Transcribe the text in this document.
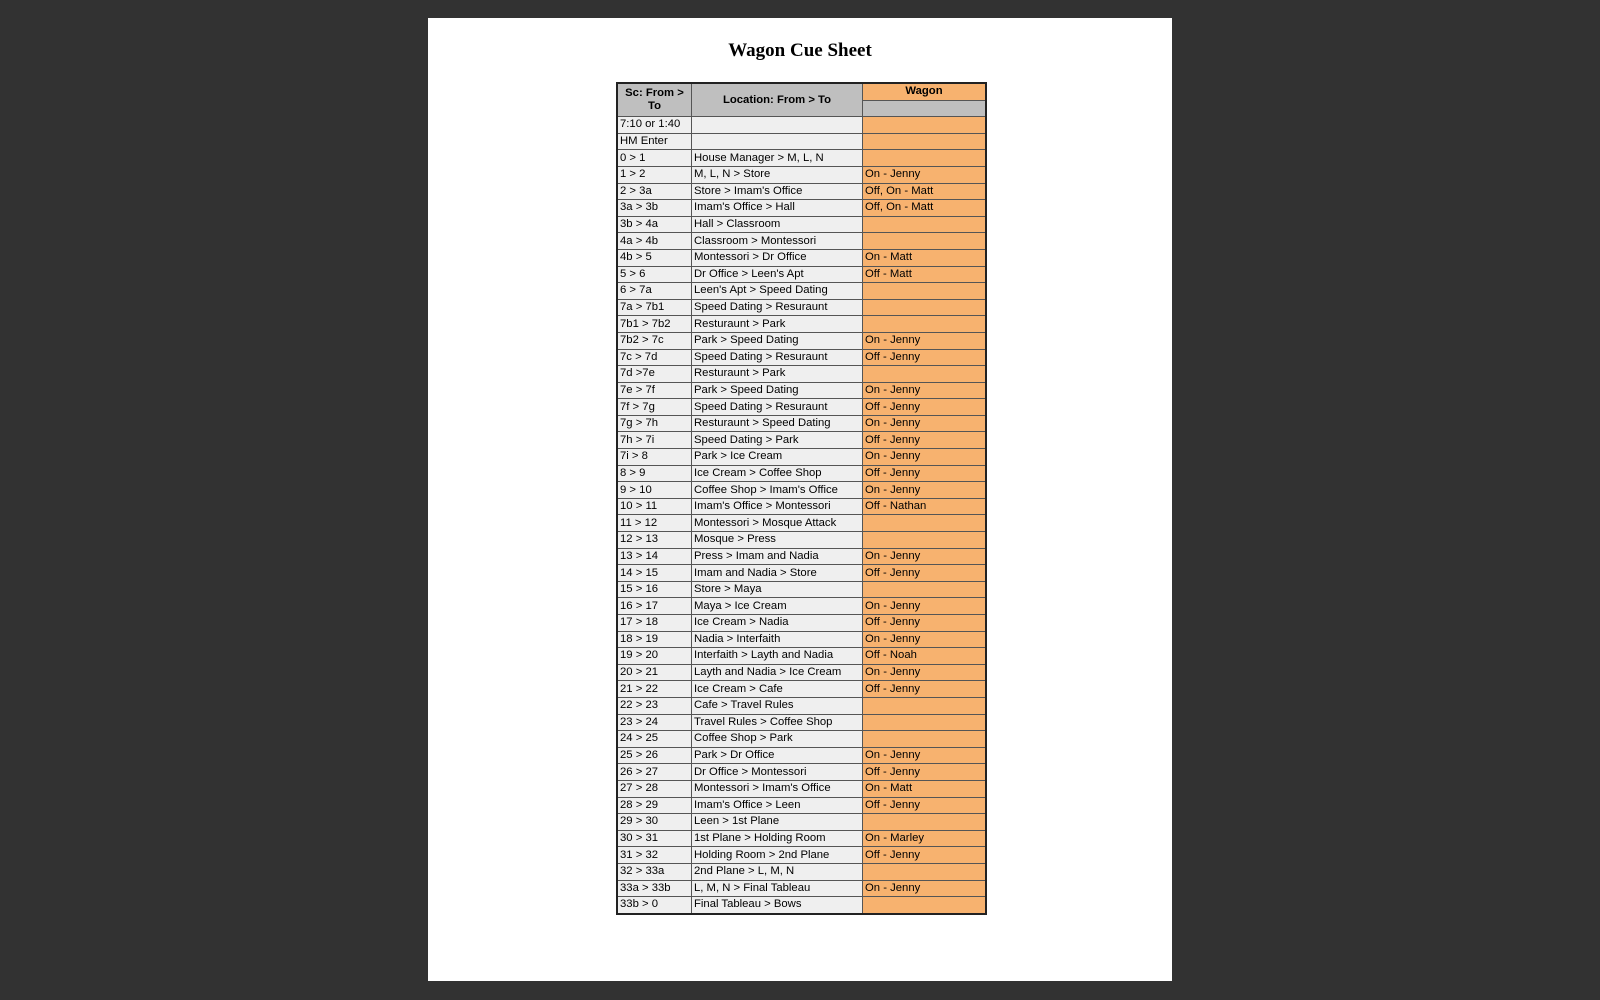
Wagon Cue Sheet
Sc: From > To	Location: From > To	Wagon

7:10 or 1:40		
HM Enter		
0 > 1	House Manager > M, L, N	
1 > 2	M, L, N > Store	On - Jenny
2 > 3a	Store > Imam's Office	Off, On - Matt
3a > 3b	Imam's Office > Hall	Off, On - Matt
3b > 4a	Hall > Classroom	
4a > 4b	Classroom > Montessori	
4b > 5	Montessori > Dr Office	On - Matt
5 > 6	Dr Office > Leen's Apt	Off - Matt
6 > 7a	Leen's Apt > Speed Dating	
7a > 7b1	Speed Dating > Resuraunt	
7b1 > 7b2	Resturaunt > Park	
7b2 > 7c	Park > Speed Dating	On - Jenny
7c > 7d	Speed Dating > Resuraunt	Off - Jenny
7d >7e	Resturaunt > Park	
7e > 7f	Park > Speed Dating	On - Jenny
7f > 7g	Speed Dating > Resuraunt	Off - Jenny
7g > 7h	Resturaunt > Speed Dating	On - Jenny
7h > 7i	Speed Dating > Park	Off - Jenny
7i > 8	Park > Ice Cream	On - Jenny
8 > 9	Ice Cream > Coffee Shop	Off - Jenny
9 > 10	Coffee Shop > Imam's Office	On - Jenny
10 > 11	Imam's Office > Montessori	Off - Nathan
11 > 12	Montessori > Mosque Attack	
12 > 13	Mosque > Press	
13 > 14	Press > Imam and Nadia	On - Jenny
14 > 15	Imam and Nadia > Store	Off - Jenny
15 > 16	Store > Maya	
16 > 17	Maya > Ice Cream	On - Jenny
17 > 18	Ice Cream > Nadia	Off - Jenny
18 > 19	Nadia > Interfaith	On - Jenny
19 > 20	Interfaith > Layth and Nadia	Off - Noah
20 > 21	Layth and Nadia > Ice Cream	On - Jenny
21 > 22	Ice Cream > Cafe	Off - Jenny
22 > 23	Cafe > Travel Rules	
23 > 24	Travel Rules > Coffee Shop	
24 > 25	Coffee Shop > Park	
25 > 26	Park > Dr Office	On - Jenny
26 > 27	Dr Office > Montessori	Off - Jenny
27 > 28	Montessori > Imam's Office	On - Matt
28 > 29	Imam's Office > Leen	Off - Jenny
29 > 30	Leen > 1st Plane	
30 > 31	1st Plane > Holding Room	On - Marley
31 > 32	Holding Room > 2nd Plane	Off - Jenny
32 > 33a	2nd Plane > L, M, N	
33a > 33b	L, M, N > Final Tableau	On - Jenny
33b > 0	Final Tableau > Bows	
